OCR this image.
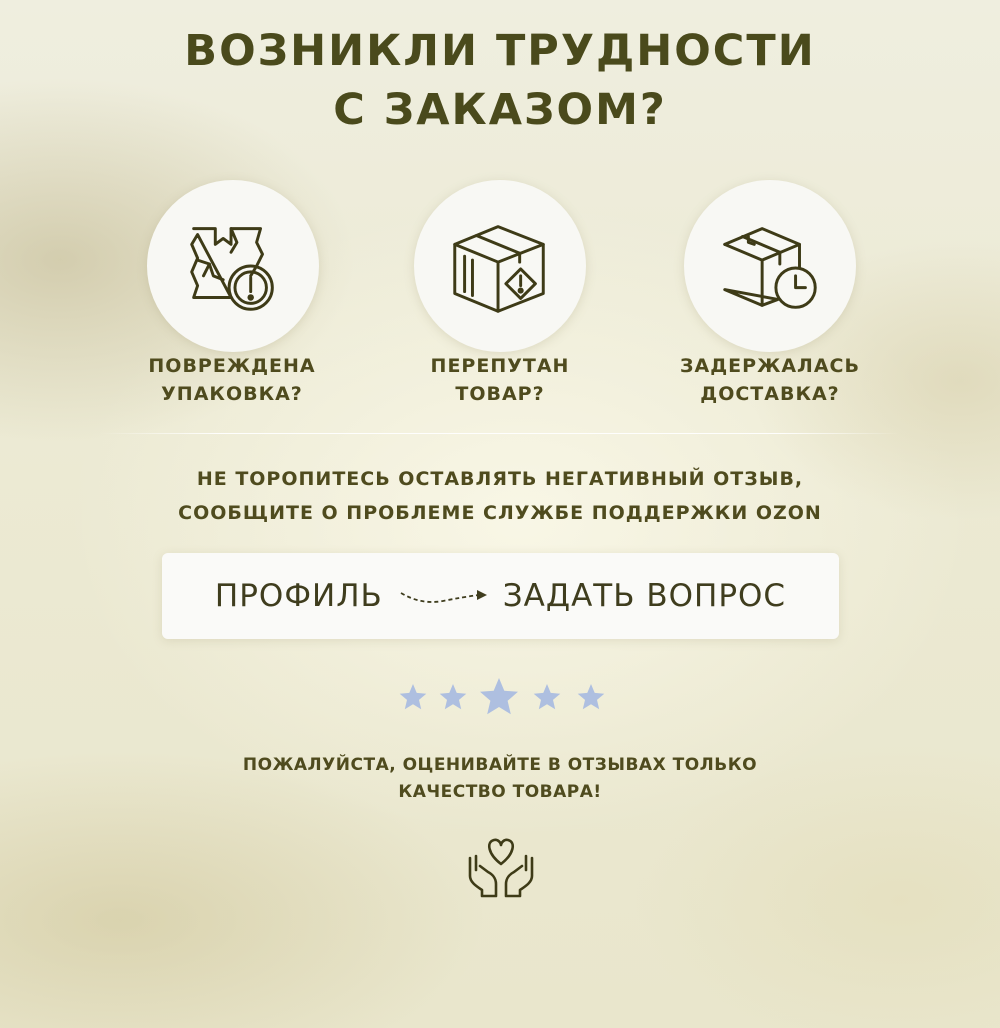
ВОЗНИКЛИ ТРУДНОСТИ
С ЗАКАЗОМ?
ПОВРЕЖДЕНА
УПАКОВКА?
ПЕРЕПУТАН
ТОВАР?
ЗАДЕРЖАЛАСЬ
ДОСТАВКА?
НЕ ТОРОПИТЕСЬ ОСТАВЛЯТЬ НЕГАТИВНЫЙ ОТЗЫВ,
СООБЩИТЕ О ПРОБЛЕМЕ СЛУЖБЕ ПОДДЕРЖКИ OZON
ПРОФИЛЬ	ЗАДАТЬ ВОПРОС
ПОЖАЛУЙСТА, ОЦЕНИВАЙТЕ В ОТЗЫВАХ ТОЛЬКО
КАЧЕСТВО ТОВАРА!
